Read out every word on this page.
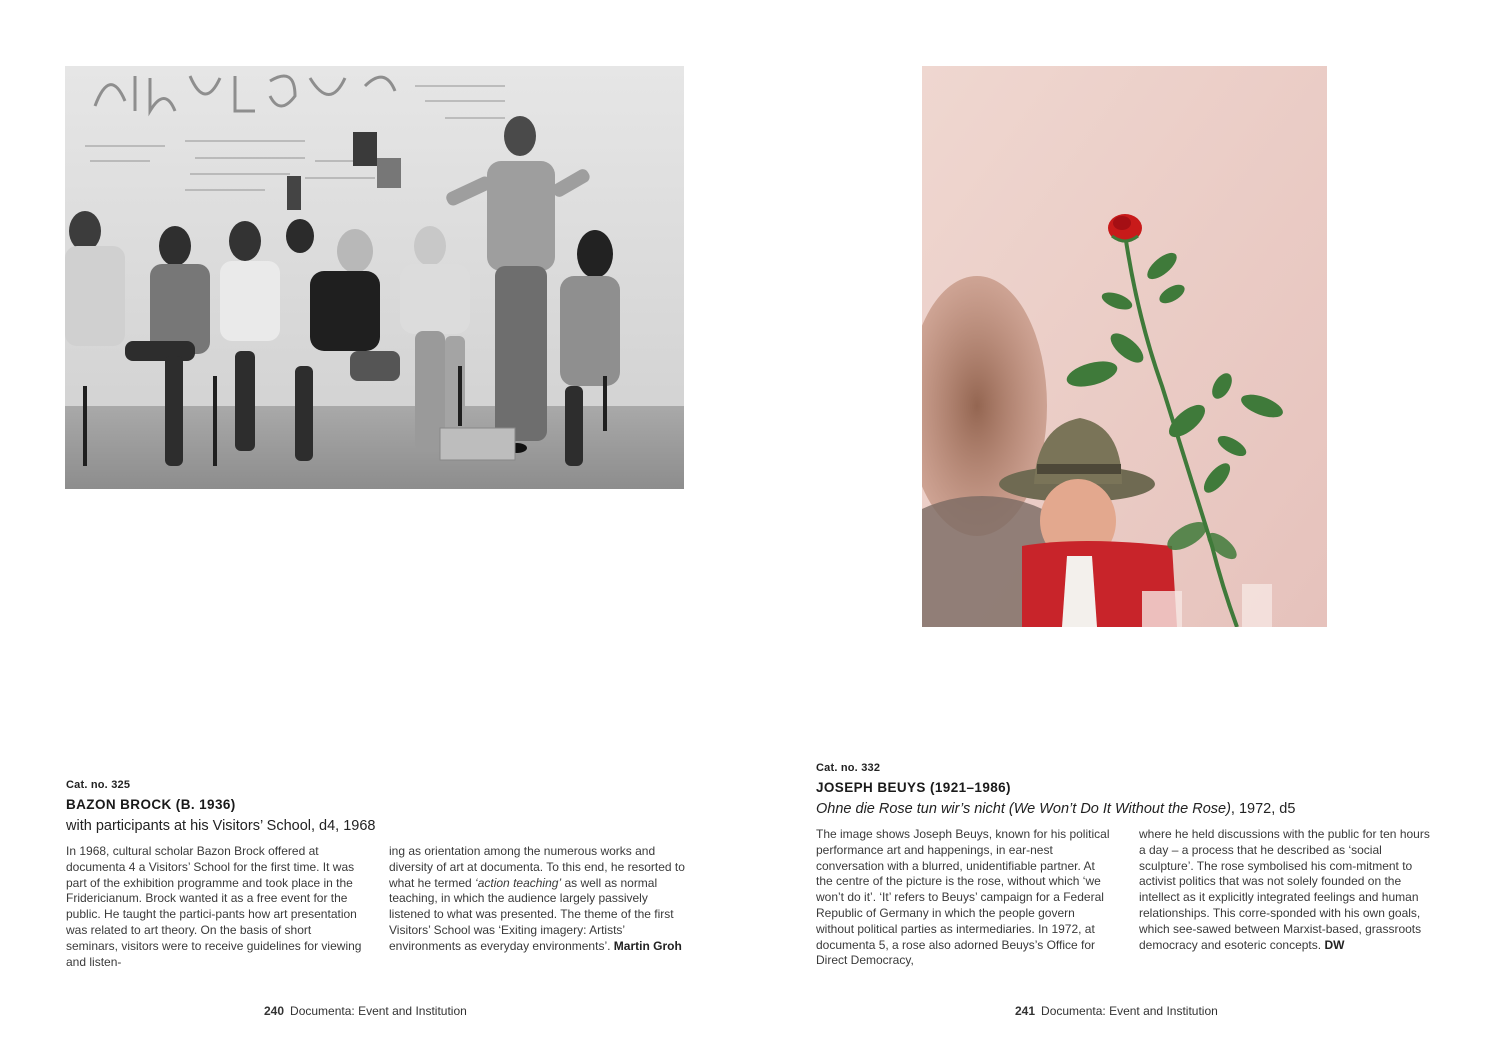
Cat. no. 325

BAZON BROCK (B. 1936)

with participants at his Visitors’ School, d4, 1968

In 1968, cultural scholar Bazon Brock offered at documenta 4 a Visitors’ School for the first time. It was part of the exhibition programme and took place in the Fridericianum. Brock wanted it as a free event for the public. He taught the partici-pants how art presentation was related to art theory. On the basis of short seminars, visitors were to receive guidelines for viewing and listen-

ing as orientation among the numerous works and diversity of art at documenta. To this end, he resorted to what he termed ‘action teaching’ as well as normal teaching, in which the audience largely passively listened to what was presented. The theme of the first Visitors’ School was ‘Exiting imagery: Artists’ environments as everyday environments’. Martin Groh

240 Documenta: Event and Institution

Cat. no. 332

JOSEPH BEUYS (1921–1986)

Ohne die Rose tun wir’s nicht (We Won’t Do It Without the Rose), 1972, d5

The image shows Joseph Beuys, known for his political performance art and happenings, in ear-nest conversation with a blurred, unidentifiable partner. At the centre of the picture is the rose, without which ‘we won’t do it’. ‘It’ refers to Beuys’ campaign for a Federal Republic of Germany in which the people govern without political parties as intermediaries. In 1972, at documenta 5, a rose also adorned Beuys’s Office for Direct Democracy,

where he held discussions with the public for ten hours a day – a process that he described as ‘social sculpture’. The rose symbolised his com-mitment to activist politics that was not solely founded on the intellect as it explicitly integrated feelings and human relationships. This corre-sponded with his own goals, which see-sawed between Marxist-based, grassroots democracy and esoteric concepts. DW

241 Documenta: Event and Institution
